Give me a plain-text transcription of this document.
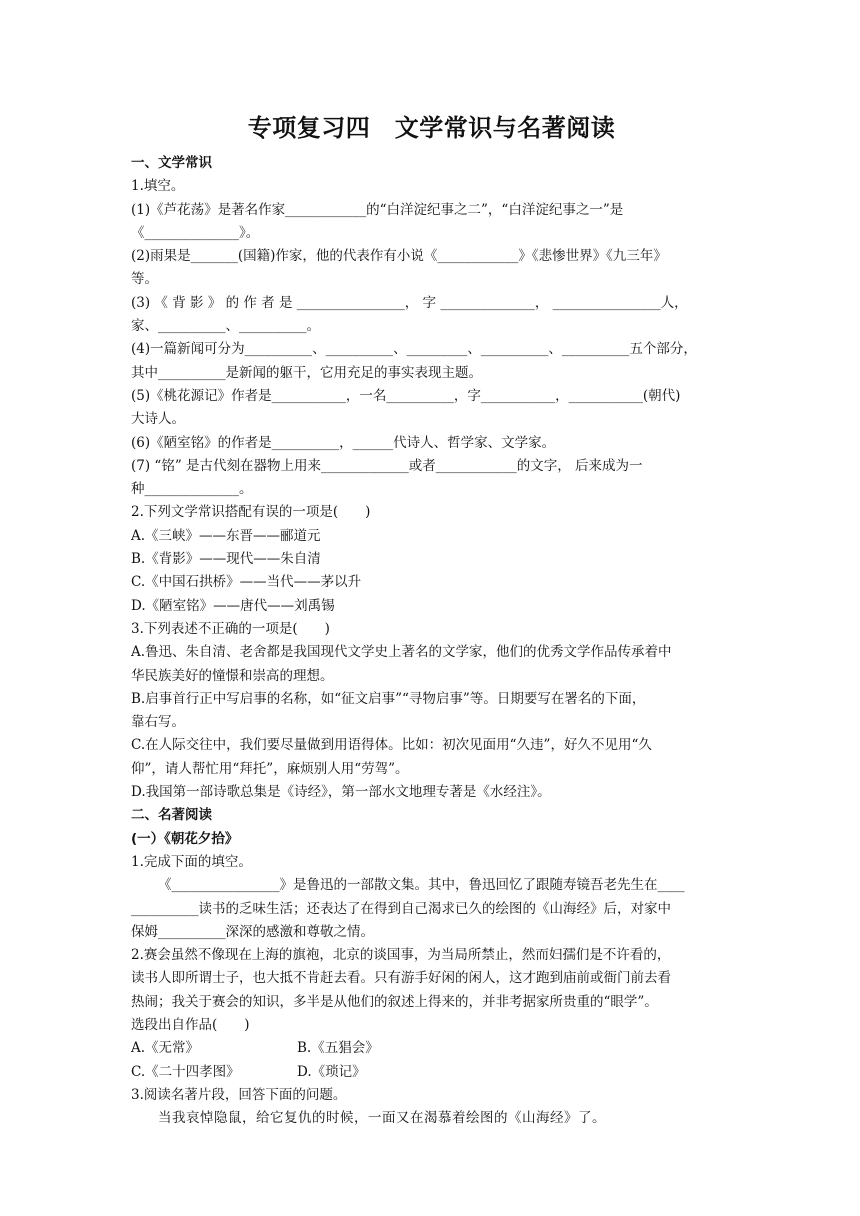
专项复习四　文学常识与名著阅读
一、文学常识
1.填空。
(1)《芦花荡》是著名作家____________的“白洋淀纪事之二”，“白洋淀纪事之一”是
《______________》。
(2)雨果是_______(国籍)作家，他的代表作有小说《____________》《悲惨世界》《九三年》
等。
(3) 《 背 影 》 的 作 者 是 ________________， 字 ______________， ________________人，
家、__________、__________。
(4)一篇新闻可分为__________、__________、_________、__________、__________五个部分，
其中__________是新闻的躯干，它用充足的事实表现主题。
(5)《桃花源记》作者是___________，一名__________，字___________，___________(朝代)
大诗人。
(6)《陋室铭》的作者是__________，______代诗人、哲学家、文学家。
(7) “铭” 是古代刻在器物上用来_____________或者____________的文字， 后来成为一
种______________。
2.下列文学常识搭配有误的一项是(　　)
A.《三峡》——东晋——郦道元
B.《背影》——现代——朱自清
C.《中国石拱桥》——当代——茅以升
D.《陋室铭》——唐代——刘禹锡
3.下列表述不正确的一项是(　　)
A.鲁迅、朱自清、老舍都是我国现代文学史上著名的文学家，他们的优秀文学作品传承着中
华民族美好的憧憬和崇高的理想。
B.启事首行正中写启事的名称，如“征文启事”“寻物启事”等。日期要写在署名的下面，
靠右写。
C.在人际交往中，我们要尽量做到用语得体。比如：初次见面用“久违”，好久不见用“久
仰”，请人帮忙用“拜托”，麻烦别人用“劳驾”。
D.我国第一部诗歌总集是《诗经》，第一部水文地理专著是《水经注》。
二、名著阅读
(一）《朝花夕拾》
1.完成下面的填空。
《________________》是鲁迅的一部散文集。其中，鲁迅回忆了跟随寿镜吾老先生在____
__________读书的乏味生活；还表达了在得到自己渴求已久的绘图的《山海经》后，对家中
保姆__________深深的感激和尊敬之情。
2.赛会虽然不像现在上海的旗袍，北京的谈国事，为当局所禁止，然而妇孺们是不许看的，
读书人即所谓士子，也大抵不肯赶去看。只有游手好闲的闲人，这才跑到庙前或衙门前去看
热闹；我关于赛会的知识，多半是从他们的叙述上得来的，并非考据家所贵重的“眼学”。
选段出自作品(　　)
A.《无常》	B.《五猖会》
C.《二十四孝图》	D.《琐记》
3.阅读名著片段，回答下面的问题。
当我哀悼隐鼠，给它复仇的时候，一面又在渴慕着绘图的《山海经》了。
